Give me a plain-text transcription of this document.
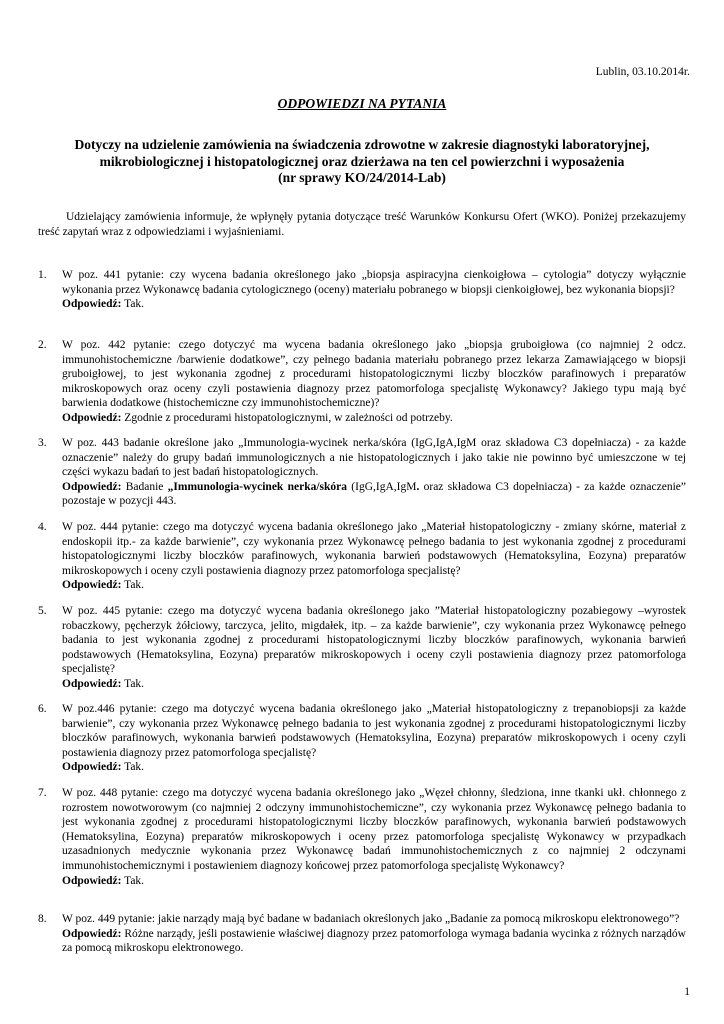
Lublin, 03.10.2014r.
ODPOWIEDZI NA PYTANIA
Dotyczy na udzielenie zamówienia na świadczenia zdrowotne w zakresie diagnostyki laboratoryjnej,
mikrobiologicznej i histopatologicznej oraz dzierżawa na ten cel powierzchni i wyposażenia
(nr sprawy KO/24/2014-Lab)
Udzielający zamówienia informuje, że wpłynęły pytania dotyczące treść Warunków Konkursu Ofert (WKO). Poniżej przekazujemy treść zapytań wraz z odpowiedziami i wyjaśnieniami.
1.	W poz. 441 pytanie: czy wycena badania określonego jako „biopsja aspiracyjna cienkoigłowa – cytologia” dotyczy wyłącznie wykonania przez Wykonawcę badania cytologicznego (oceny) materiału pobranego w biopsji cienkoigłowej, bez wykonania biopsji?
Odpowiedź: Tak.
2.	W poz. 442 pytanie: czego dotyczyć ma wycena badania określonego jako „biopsja gruboigłowa (co najmniej 2 odcz. immunohistochemiczne /barwienie dodatkowe”, czy pełnego badania materiału pobranego przez lekarza Zamawiającego w biopsji gruboigłowej, to jest wykonania zgodnej z procedurami histopatologicznymi liczby bloczków parafinowych i preparatów mikroskopowych oraz oceny czyli postawienia diagnozy przez patomorfologa specjalistę Wykonawcy? Jakiego typu mają być barwienia dodatkowe (histochemiczne czy immunohistochemiczne)?
Odpowiedź: Zgodnie z procedurami histopatologicznymi, w zależności od potrzeby.
3.	W poz. 443 badanie określone jako „Immunologia-wycinek nerka/skóra (IgG,IgA,IgM oraz składowa C3 dopełniacza) - za każde oznaczenie” należy do grupy badań immunologicznych a nie histopatologicznych i jako takie nie powinno być umieszczone w tej części wykazu badań to jest badań histopatologicznych.
Odpowiedź: Badanie „Immunologia-wycinek nerka/skóra (IgG,IgA,IgM. oraz składowa C3 dopełniacza) - za każde oznaczenie” pozostaje w pozycji 443.
4.	W poz. 444 pytanie: czego ma dotyczyć wycena badania określonego jako „Materiał histopatologiczny - zmiany skórne, materiał z endoskopii itp.- za każde barwienie”, czy wykonania przez Wykonawcę pełnego badania to jest wykonania zgodnej z procedurami histopatologicznymi liczby bloczków parafinowych, wykonania barwień podstawowych (Hematoksylina, Eozyna) preparatów mikroskopowych i oceny czyli postawienia diagnozy przez patomorfologa specjalistę?
Odpowiedź: Tak.
5.	W poz. 445 pytanie: czego ma dotyczyć wycena badania określonego jako ”Materiał histopatologiczny pozabiegowy –wyrostek robaczkowy, pęcherzyk żółciowy, tarczyca, jelito, migdałek, itp. – za każde barwienie”, czy wykonania przez Wykonawcę pełnego badania to jest wykonania zgodnej z procedurami histopatologicznymi liczby bloczków parafinowych, wykonania barwień podstawowych (Hematoksylina, Eozyna) preparatów mikroskopowych i oceny czyli postawienia diagnozy przez patomorfologa specjalistę?
Odpowiedź: Tak.
6.	W poz.446 pytanie: czego ma dotyczyć wycena badania określonego jako „Materiał histopatologiczny z trepanobiopsji za każde barwienie”, czy wykonania przez Wykonawcę pełnego badania to jest wykonania zgodnej z procedurami histopatologicznymi liczby bloczków parafinowych, wykonania barwień podstawowych (Hematoksylina, Eozyna) preparatów mikroskopowych i oceny czyli postawienia diagnozy przez patomorfologa specjalistę?
Odpowiedź: Tak.
7.	W poz. 448 pytanie: czego ma dotyczyć wycena badania określonego jako „Węzeł chłonny, śledziona, inne tkanki ukł. chłonnego z rozrostem nowotworowym (co najmniej 2 odczyny immunohistochemiczne”, czy wykonania przez Wykonawcę pełnego badania to jest wykonania zgodnej z procedurami histopatologicznymi liczby bloczków parafinowych, wykonania barwień podstawowych (Hematoksylina, Eozyna) preparatów mikroskopowych i oceny przez patomorfologa specjalistę Wykonawcy w przypadkach uzasadnionych medycznie wykonania przez Wykonawcę badań immunohistochemicznych z co najmniej 2 odczynami immunohistochemicznymi i postawieniem diagnozy końcowej przez patomorfologa specjalistę Wykonawcy?
Odpowiedź: Tak.
8.	W poz. 449 pytanie: jakie narządy mają być badane w badaniach określonych jako „Badanie za pomocą mikroskopu elektronowego”?
Odpowiedź: Różne narządy, jeśli postawienie właściwej diagnozy przez patomorfologa wymaga badania wycinka z różnych narządów za pomocą mikroskopu elektronowego.
1
